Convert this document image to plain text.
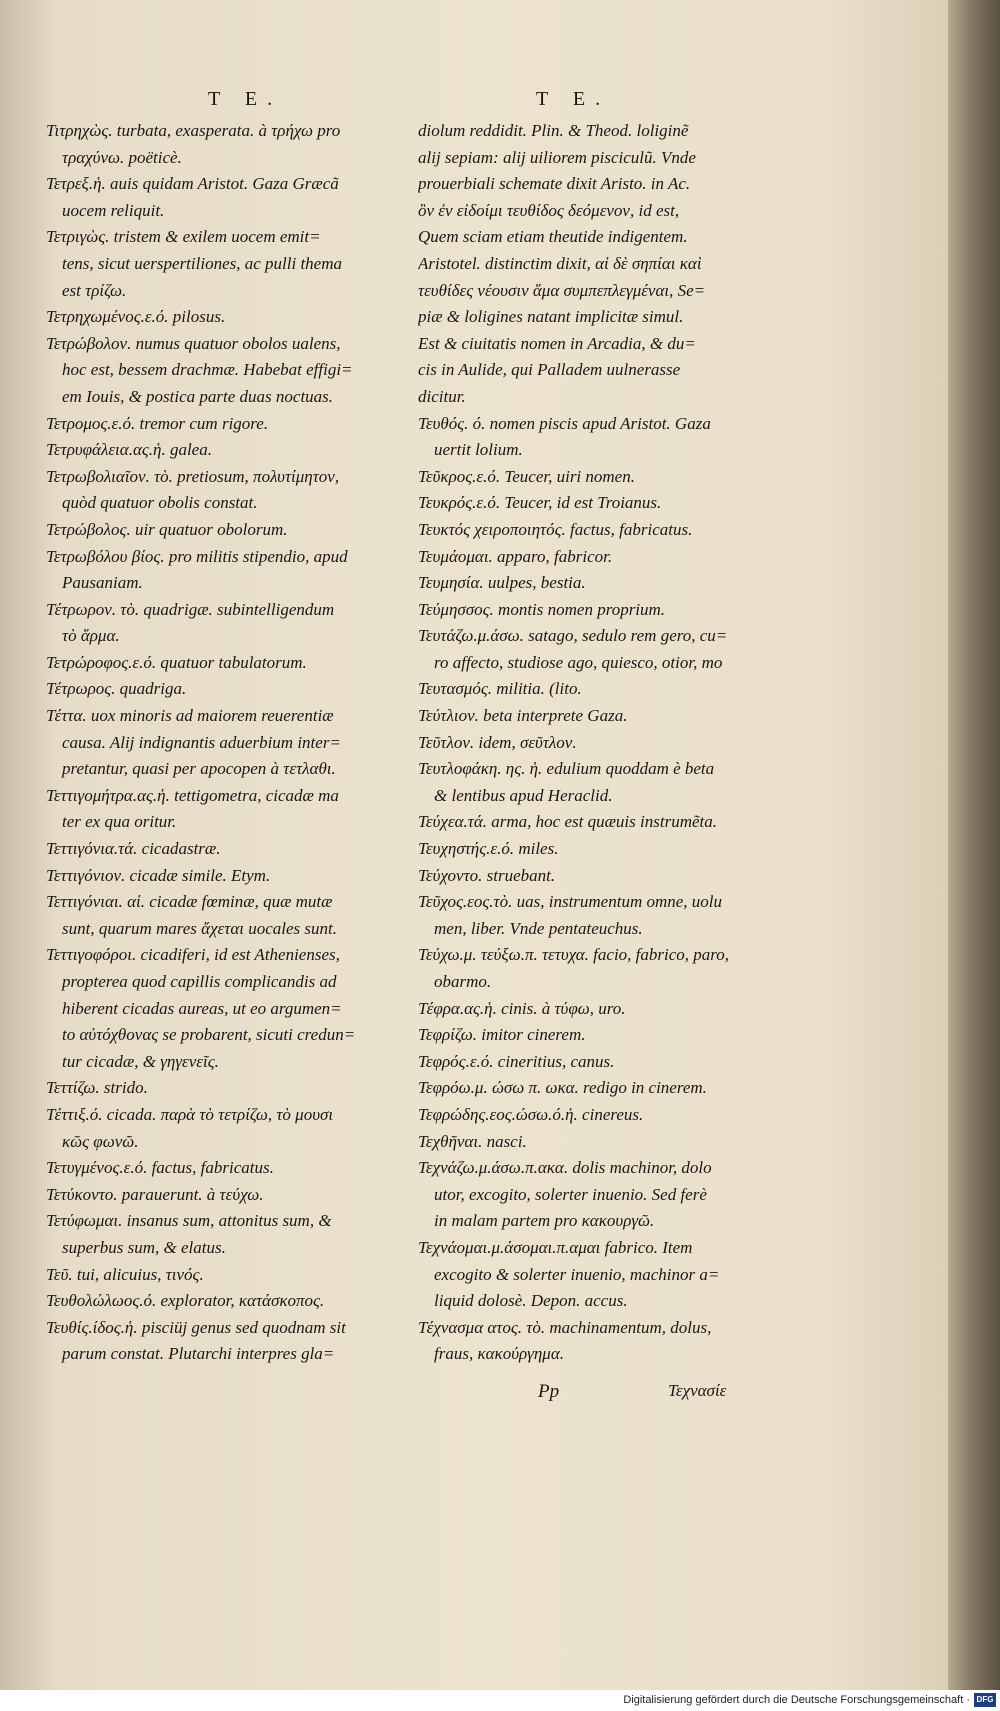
T E.	T E.
Τιτρηχὼς. turbata, exasperata. à τρήχω pro
τραχύνω. poëticè.
Τετρεξ.ἡ. auis quidam Aristot. Gaza Græcã
uocem reliquit.
Τετριγὼς. tristem & exilem uocem emit=
tens, sicut uerspertiliones, ac pulli thema
est τρίζω.
Τετρηχωμένος.ε.ό. pilosus.
Τετρώβολον. numus quatuor obolos ualens,
hoc est, bessem drachmæ. Habebat effigi=
em Iouis, & postica parte duas noctuas.
Τετρομος.ε.ό. tremor cum rigore.
Τετρυφάλεια.ας.ἡ. galea.
Τετρωβολιαῖον. τὸ. pretiosum, πολυτίμητον,
quòd quatuor obolis constat.
Τετρώβολος. uir quatuor obolorum.
Τετρωβόλου βίος. pro militis stipendio, apud
Pausaniam.
Τέτρωρον. τὸ. quadrigæ. subintelligendum
τὸ ἅρμα.
Τετρώροφος.ε.ό. quatuor tabulatorum.
Τέτρωρος. quadriga.
Τέττα. uox minoris ad maiorem reuerentiæ
causa. Alij indignantis aduerbium inter=
pretantur, quasi per apocopen à τετλαθι.
Τεττιγομήτρα.ας.ἡ. tettigometra, cicadæ ma
ter ex qua oritur.
Τεττιγόνια.τά. cicadastræ.
Τεττιγόνιον. cicadæ simile. Etym.
Τεττιγόνιαι. αἱ. cicadæ fœminæ, quæ mutæ
sunt, quarum mares ἄχεται uocales sunt.
Τεττιγοφόροι. cicadiferi, id est Athenienses,
propterea quod capillis complicandis ad
hiberent cicadas aureas, ut eo argumen=
to αὐτόχθονας se probarent, sicuti credun=
tur cicadæ, & γηγενεῖς.
Τεττίζω. strido.
Τέττιξ.ό. cicada. παρὰ τὸ τετρίζω, τὸ μουσι
κῶς φωνῶ.
Τετυγμένος.ε.ό. factus, fabricatus.
Τετύκοντο. parauerunt. à τεύχω.
Τετύφωμαι. insanus sum, attonitus sum, &
superbus sum, & elatus.
Τεῦ. tui, alicuius, τινός.
Τευθολώλωος.ό. explorator, κατάσκοπος.
Τευθίς.ίδος.ἡ. pisciüj genus sed quodnam sit
parum constat. Plutarchi interpres gla=
diolum reddidit. Plin. & Theod. loliginẽ
alij sepiam: alij uiliorem pisciculũ. Vnde
prouerbiali schemate dixit Aristo. in Ac.
ὃν ἐν εἰδοίμι τευθίδος δεόμενον, id est,
Quem sciam etiam theutide indigentem.
Aristotel. distinctim dixit, αἱ δὲ σηπίαι καὶ
τευθίδες νέουσιν ἅμα συμπεπλεγμέναι, Se=
piæ & loligines natant implicitæ simul.
Est & ciuitatis nomen in Arcadia, & du=
cis in Aulide, qui Palladem uulnerasse
dicitur.
Τευθός. ό. nomen piscis apud Aristot. Gaza
uertit lolium.
Τεῦκρος.ε.ό. Teucer, uiri nomen.
Τευκρός.ε.ό. Teucer, id est Troianus.
Τευκτός χειροποιητός. factus, fabricatus.
Τευμάομαι. apparo, fabricor.
Τευμησία. uulpes, bestia.
Τεύμησσος. montis nomen proprium.
Τευτάζω.μ.άσω. satago, sedulo rem gero, cu=
ro affecto, studiose ago, quiesco, otior, mo
Τευτασμός. militia. (lito.
Τεύτλιον. beta interprete Gaza.
Τεῦτλον. idem, σεῦτλον.
Τευτλοφάκη. ης. ἡ. edulium quoddam è beta
& lentibus apud Heraclid.
Τεύχεα.τά. arma, hoc est quæuis instrumẽta.
Τευχηστής.ε.ό. miles.
Τεύχοντο. struebant.
Τεῦχος.εος.τὸ. uas, instrumentum omne, uolu
men, liber. Vnde pentateuchus.
Τεύχω.μ. τεύξω.π. τετυχα. facio, fabrico, paro,
obarmo.
Τέφρα.ας.ἡ. cinis. à τύφω, uro.
Τεφρίζω. imitor cinerem.
Τεφρός.ε.ό. cineritius, canus.
Τεφρόω.μ. ώσω π. ωκα. redigo in cinerem.
Τεφρώδης.εος.ώσω.ό.ἡ. cinereus.
Τεχθῆναι. nasci.
Τεχνάζω.μ.άσω.π.ακα. dolis machinor, dolo
utor, excogito, solerter inuenio. Sed ferè
in malam partem pro κακουργῶ.
Τεχνάομαι.μ.άσομαι.π.αμαι fabrico. Item
excogito & solerter inuenio, machinor a=
liquid dolosè. Depon. accus.
Τέχνασμα ατος. τὸ. machinamentum, dolus,
fraus, κακούργημα.
Pp	Τεχνασίε
Digitalisierung gefördert durch die Deutsche Forschungsgemeinschaft · DFG
